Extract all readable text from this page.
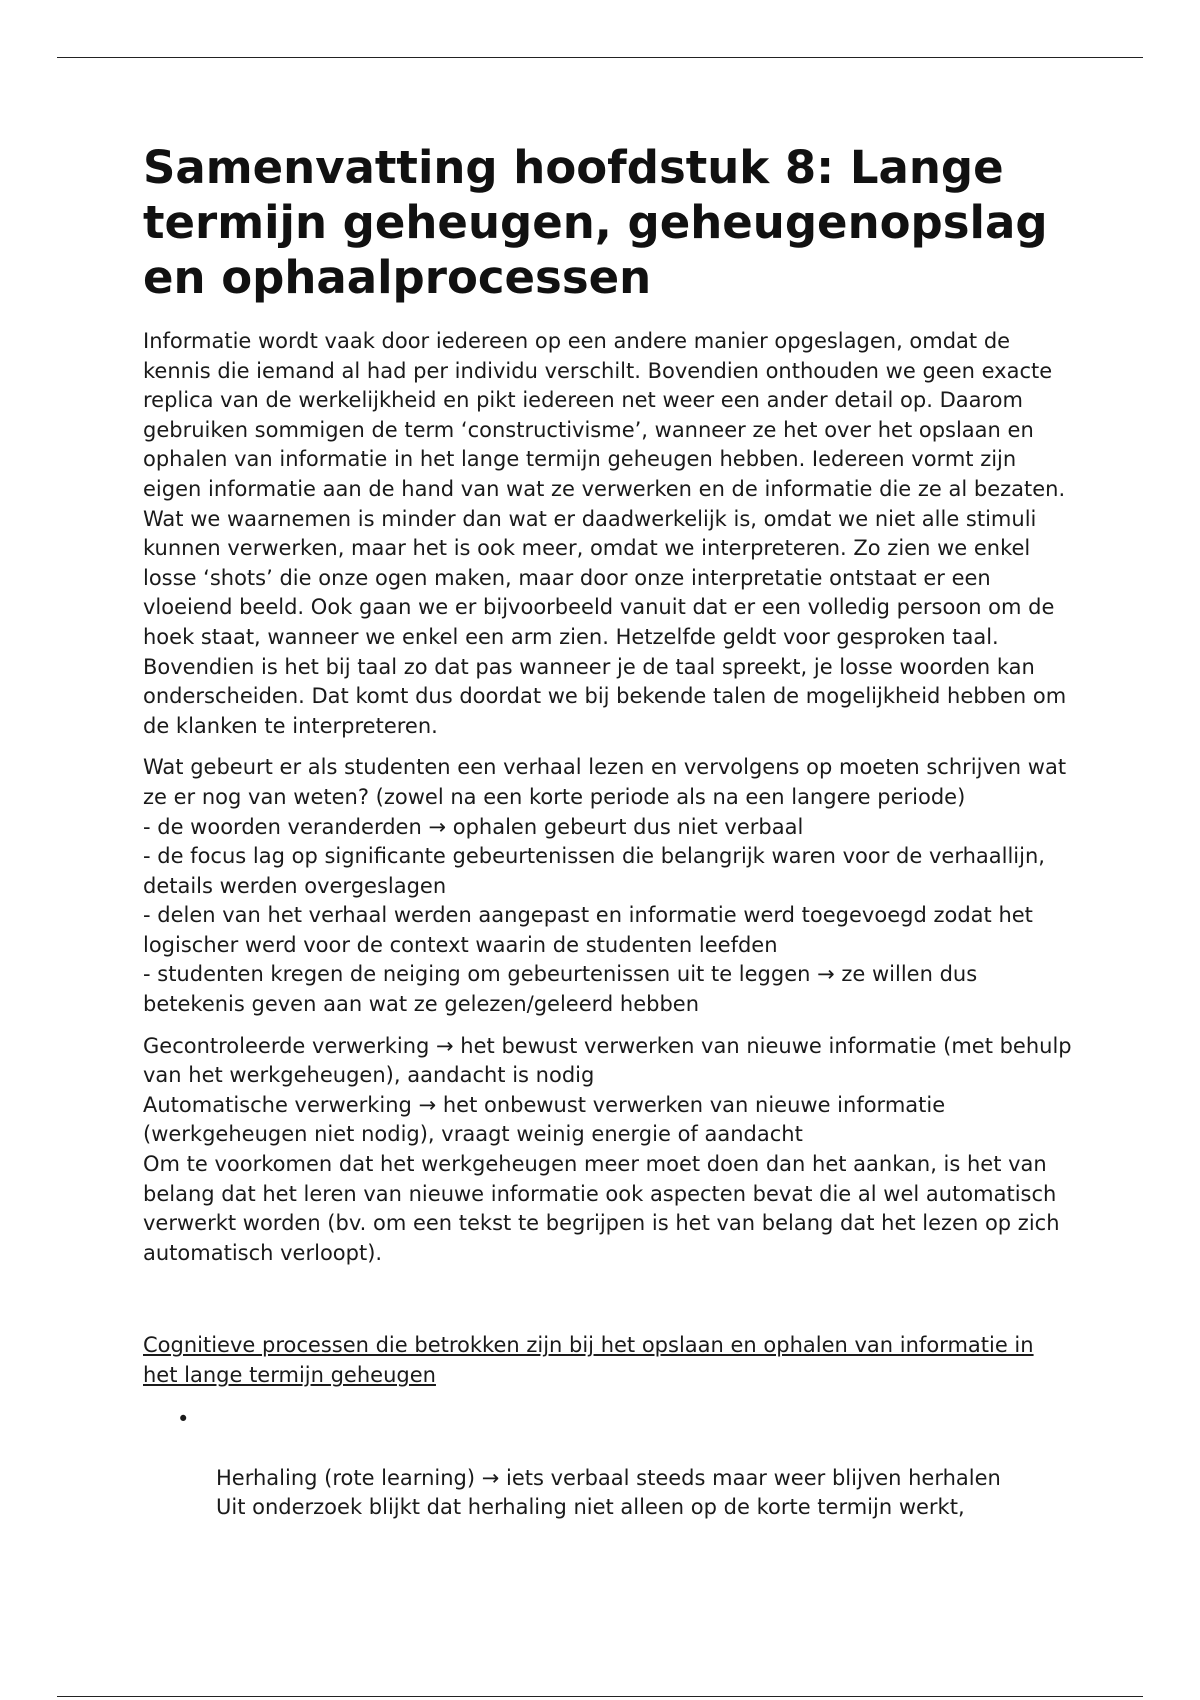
Samenvatting hoofdstuk 8: Lange termijn geheugen, geheugenopslag en ophaalprocessen

Informatie wordt vaak door iedereen op een andere manier opgeslagen, omdat de kennis die iemand al had per individu verschilt. Bovendien onthouden we geen exacte replica van de werkelijkheid en pikt iedereen net weer een ander detail op. Daarom gebruiken sommigen de term ‘constructivisme’, wanneer ze het over het opslaan en ophalen van informatie in het lange termijn geheugen hebben. Iedereen vormt zijn eigen informatie aan de hand van wat ze verwerken en de informatie die ze al bezaten.
Wat we waarnemen is minder dan wat er daadwerkelijk is, omdat we niet alle stimuli kunnen verwerken, maar het is ook meer, omdat we interpreteren. Zo zien we enkel losse ‘shots’ die onze ogen maken, maar door onze interpretatie ontstaat er een vloeiend beeld. Ook gaan we er bijvoorbeeld vanuit dat er een volledig persoon om de hoek staat, wanneer we enkel een arm zien. Hetzelfde geldt voor gesproken taal. Bovendien is het bij taal zo dat pas wanneer je de taal spreekt, je losse woorden kan onderscheiden. Dat komt dus doordat we bij bekende talen de mogelijkheid hebben om de klanken te interpreteren.

Wat gebeurt er als studenten een verhaal lezen en vervolgens op moeten schrijven wat ze er nog van weten? (zowel na een korte periode als na een langere periode)
- de woorden veranderden → ophalen gebeurt dus niet verbaal
- de focus lag op significante gebeurtenissen die belangrijk waren voor de verhaallijn, details werden overgeslagen
- delen van het verhaal werden aangepast en informatie werd toegevoegd zodat het logischer werd voor de context waarin de studenten leefden
- studenten kregen de neiging om gebeurtenissen uit te leggen → ze willen dus betekenis geven aan wat ze gelezen/geleerd hebben

Gecontroleerde verwerking → het bewust verwerken van nieuwe informatie (met behulp van het werkgeheugen), aandacht is nodig
Automatische verwerking → het onbewust verwerken van nieuwe informatie (werkgeheugen niet nodig), vraagt weinig energie of aandacht
Om te voorkomen dat het werkgeheugen meer moet doen dan het aankan, is het van belang dat het leren van nieuwe informatie ook aspecten bevat die al wel automatisch verwerkt worden (bv. om een tekst te begrijpen is het van belang dat het lezen op zich automatisch verloopt).

Cognitieve processen die betrokken zijn bij het opslaan en ophalen van informatie in het lange termijn geheugen

•

Herhaling (rote learning) → iets verbaal steeds maar weer blijven herhalen
Uit onderzoek blijkt dat herhaling niet alleen op de korte termijn werkt,
